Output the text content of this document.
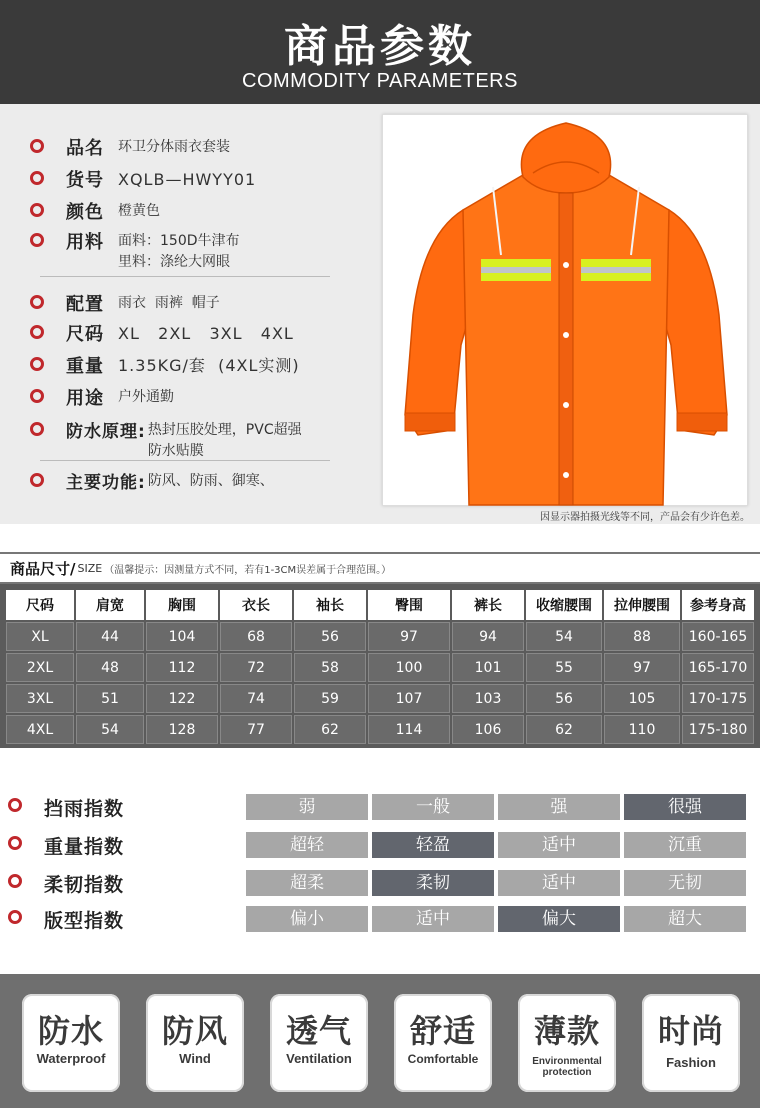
商品参数
COMMODITY PARAMETERS
品名 环卫分体雨衣套装
货号 XQLB—HWYY01
颜色 橙黄色
用料 面料：150D牛津布
里料：涤纶大网眼
配置 雨衣  雨裤  帽子
尺码 XL   2XL   3XL   4XL
重量 1.35KG/套  (4XL实测)
用途 户外通勤
防水原理: 热封压胶处理，PVC超强
防水贴膜
主要功能: 防风、防雨、御寒、
因显示器拍摄光线等不同，产品会有少许色差。
商品尺寸/ SIZE （温馨提示：因测量方式不同，若有1-3CM误差属于合理范围。）
尺码	肩宽	胸围	衣长	袖长	臀围	裤长	收缩腰围	拉伸腰围	参考身高
XL	44	104	68	56	97	94	54	88	160-165
2XL	48	112	72	58	100	101	55	97	165-170
3XL	51	122	74	59	107	103	56	105	170-175
4XL	54	128	77	62	114	106	62	110	175-180
挡雨指数	弱	一般	强	很强
重量指数	超轻	轻盈	适中	沉重
柔韧指数	超柔	柔韧	适中	无韧
版型指数	偏小	适中	偏大	超大
防水
Waterproof
防风
Wind
透气
Ventilation
舒适
Comfortable
薄款
Environmental protection
时尚
Fashion
